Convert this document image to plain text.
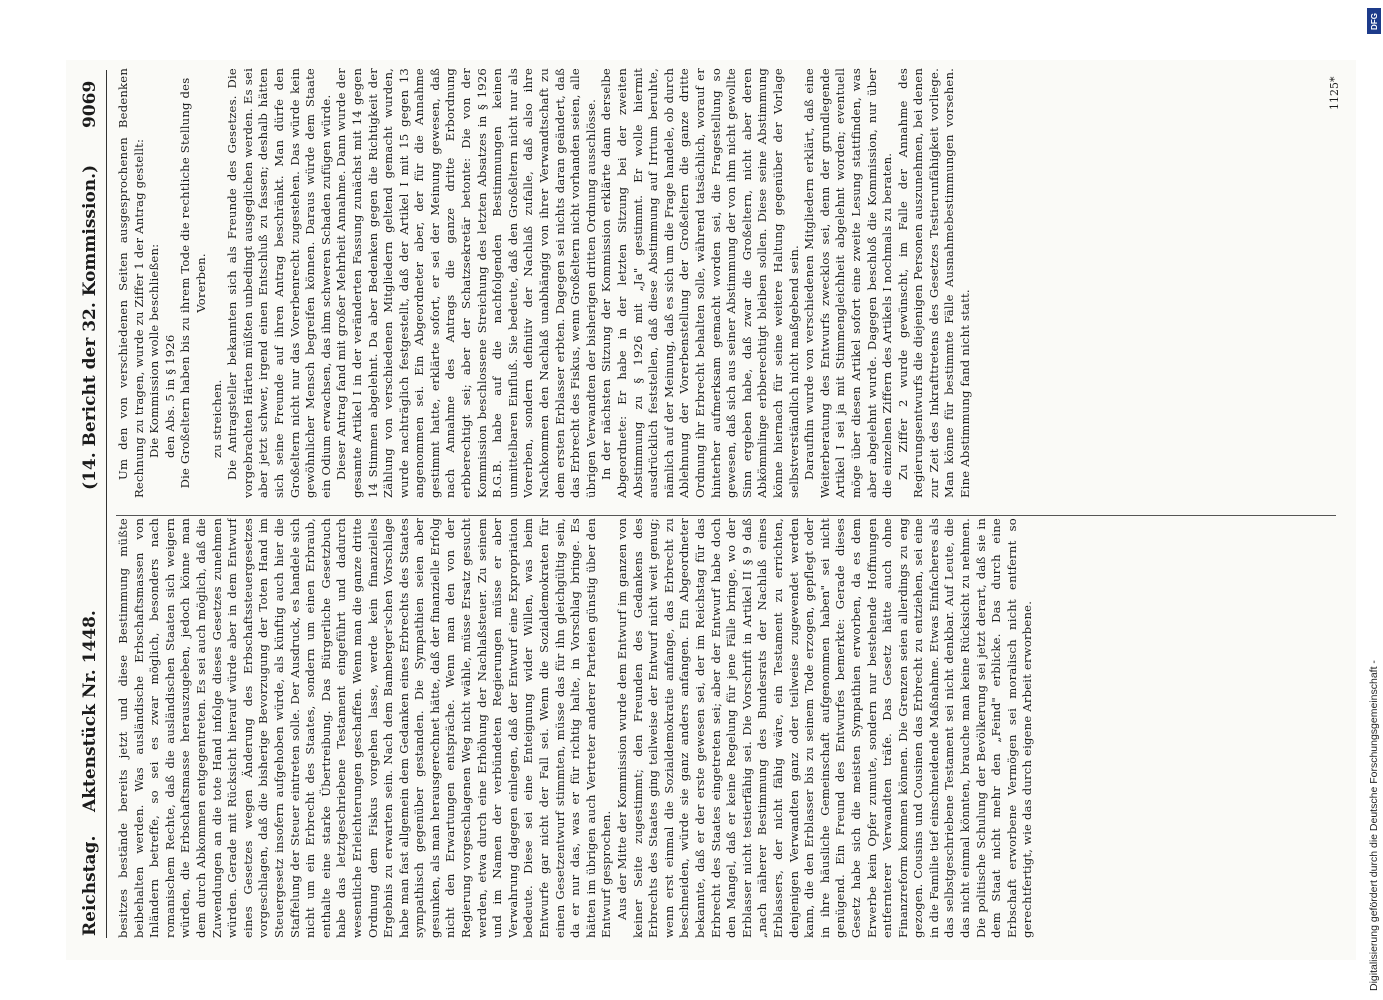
Reichstag.
Aktenstück Nr. 1448.
(14. Bericht der 32. Kommission.)
9069

besitzes bestände bereits jetzt und diese Bestimmung müßte beibehalten werden. Was ausländische Erbschaftsmassen von Inländern betreffe, so sei es zwar möglich, besonders nach romanischem Rechte, daß die ausländischen Staaten sich weigern würden, die Erbschaftsmasse herauszugeben, jedoch könne man dem durch Abkommen entgegentreten. Es sei auch möglich, daß die Zuwendungen an die tote Hand infolge dieses Gesetzes zunehmen würden. Gerade mit Rücksicht hierauf würde aber in dem Entwurf eines Gesetzes wegen Änderung des Erbschaftssteuergesetzes vorgeschlagen, daß die bisherige Bevorzugung der Toten Hand im Steuergesetz insofern aufgehoben würde, als künftig auch hier die Staffelung der Steuer eintreten solle. Der Ausdruck, es handele sich nicht um ein Erbrecht des Staates, sondern um einen Erbraub, enthalte eine starke Übertreibung. Das Bürgerliche Gesetzbuch habe das letztgeschriebene Testament eingeführt und dadurch wesentliche Erleichterungen geschaffen. Wenn man die ganze dritte Ordnung dem Fiskus vorgehen lasse, werde kein finanzielles Ergebnis zu erwarten sein. Nach dem Bamberger'schen Vorschlage habe man fast allgemein dem Gedanken eines Erbrechts des Staates sympathisch gegenüber gestanden. Die Sympathien seien aber gesunken, als man herausgerechnet hätte, daß der finanzielle Erfolg nicht den Erwartungen entspräche. Wenn man den von der Regierung vorgeschlagenen Weg nicht wähle, müsse Ersatz gesucht werden, etwa durch eine Erhöhung der Nachlaßsteuer. Zu seinem und im Namen der verbündeten Regierungen müsse er aber Verwahrung dagegen einlegen, daß der Entwurf eine Expropriation bedeute. Diese sei eine Enteignung wider Willen, was beim Entwurfe gar nicht der Fall sei. Wenn die Sozialdemokraten für einen Gesetzentwurf stimmten, müsse das für ihn gleichgültig sein, da er nur das, was er für richtig halte, in Vorschlag bringe. Es hätten im übrigen auch Vertreter anderer Parteien günstig über den Entwurf gesprochen. Aus der Mitte der Kommission wurde dem Entwurf im ganzen von keiner Seite zugestimmt; den Freunden des Gedankens des Erbrechts des Staates ging teilweise der Entwurf nicht weit genug; wenn erst einmal die Sozialdemokratie anfange, das Erbrecht zu beschneiden, würde sie ganz anders anfangen. Ein Abgeordneter bekannte, daß er der erste gewesen sei, der im Reichstag für das Erbrecht des Staates eingetreten sei; aber der Entwurf habe doch den Mangel, daß er keine Regelung für jene Fälle bringe, wo der Erblasser nicht testierfähig sei. Die Vorschrift in Artikel II § 9 daß „nach näherer Bestimmung des Bundesrats der Nachlaß eines Erblassers, der nicht fähig wäre, ein Testament zu errichten, denjenigen Verwandten ganz oder teilweise zugewendet werden kann, die den Erblasser bis zu seinem Tode erzogen, gepflegt oder in ihre häusliche Gemeinschaft aufgenommen haben" sei nicht genügend. Ein Freund des Entwurfes bemerkte: Gerade dieses Gesetz habe sich die meisten Sympathien erworben, da es dem Erwerbe kein Opfer zumute, sondern nur bestehende Hoffnungen entfernterer Verwandten träfe. Das Gesetz hätte auch ohne Finanzreform kommen können. Die Grenzen seien allerdings zu eng gezogen. Cousins und Cousinen das Erbrecht zu entziehen, sei eine in die Familie tief einschneidende Maßnahme. Etwas Einfacheres als das selbstgeschriebene Testament sei nicht denkbar. Auf Leute, die das nicht einmal könnten, brauche man keine Rücksicht zu nehmen. Die politische Schulung der Bevölkerung sei jetzt derart, daß sie in dem Staat nicht mehr den „Feind" erblicke. Das durch eine Erbschaft erworbene Vermögen sei moralisch nicht entfernt so gerechtfertigt, wie das durch eigene Arbeit erworbene.

Um den von verschiedenen Seiten ausgesprochenen Bedenken Rechnung zu tragen, wurde zu Ziffer 1 der Antrag gestellt: Die Kommission wolle beschließen: den Abs. 5 in § 1926 Die Großeltern haben bis zu ihrem Tode die rechtliche Stellung des Vorerben.

zu streichen. Die Antragsteller bekannten sich als Freunde des Gesetzes. Die vorgebrachten Härten müßten unbedingt ausgeglichen werden. Es sei aber jetzt schwer, irgend einen Entschluß zu fassen; deshalb hätten sich seine Freunde auf ihren Antrag beschränkt. Man dürfe den Großeltern nicht nur das Vorerbenrecht zugestehen. Das würde kein gewöhnlicher Mensch begreifen können. Daraus würde dem Staate ein Odium erwachsen, das ihm schweren Schaden zufügen würde. Dieser Antrag fand mit großer Mehrheit Annahme. Dann wurde der gesamte Artikel I in der veränderten Fassung zunächst mit 14 gegen 14 Stimmen abgelehnt. Da aber Bedenken gegen die Richtigkeit der Zählung von verschiedenen Mitgliedern geltend gemacht wurden, wurde nachträglich festgestellt, daß der Artikel I mit 15 gegen 13 angenommen sei. Ein Abgeordneter aber, der für die Annahme gestimmt hatte, erklärte sofort, er sei der Meinung gewesen, daß nach Annahme des Antrags die ganze dritte Erbordnung erbberechtigt sei; aber der Schatzsekretär betonte: Die von der Kommission beschlossene Streichung des letzten Absatzes in § 1926 B.G.B. habe auf die nachfolgenden Bestimmungen keinen unmittelbaren Einfluß. Sie bedeute, daß den Großeltern nicht nur als Vorerben, sondern definitiv der Nachlaß zufalle, daß also ihre Nachkommen den Nachlaß unabhängig von ihrer Verwandtschaft zu dem ersten Erblasser erbten. Dagegen sei nichts daran geändert, daß das Erbrecht des Fiskus, wenn Großeltern nicht vorhanden seien, alle übrigen Verwandten der bisherigen dritten Ordnung ausschlösse. In der nächsten Sitzung der Kommission erklärte dann derselbe Abgeordnete: Er habe in der letzten Sitzung bei der zweiten Abstimmung zu § 1926 mit „Ja" gestimmt. Er wolle hiermit ausdrücklich feststellen, daß diese Abstimmung auf Irrtum beruhte, nämlich auf der Meinung, daß es sich um die Frage handele, ob durch Ablehnung der Vorerbenstellung der Großeltern die ganze dritte Ordnung ihr Erbrecht behalten solle, während tatsächlich, worauf er hinterher aufmerksam gemacht worden sei, die Fragestellung so gewesen, daß sich aus seiner Abstimmung der von ihm nicht gewollte Sinn ergeben habe, daß zwar die Großeltern, nicht aber deren Abkömmlinge erbberechtigt bleiben sollen. Diese seine Abstimmung könne hiernach für seine weitere Haltung gegenüber der Vorlage selbstverständlich nicht maßgebend sein. Daraufhin wurde von verschiedenen Mitgliedern erklärt, daß eine Weiterberatung des Entwurfs zwecklos sei, denn der grundlegende Artikel I sei ja mit Stimmengleichheit abgelehnt worden; eventuell möge über diesen Artikel sofort eine zweite Lesung stattfinden, was aber abgelehnt wurde. Dagegen beschloß die Kommission, nur über die einzelnen Ziffern des Artikels I nochmals zu beraten. Zu Ziffer 2 wurde gewünscht, im Falle der Annahme des Regierungsentwurfs die diejenigen Personen auszunehmen, bei denen zur Zeit des Inkrafttretens des Gesetzes Testierunfähigkeit vorliege. Man könne für bestimmte Fälle Ausnahmebestimmungen vorsehen. Eine Abstimmung fand nicht statt.

1125*
DFG
Digitalisierung gefördert durch die Deutsche Forschungsgemeinschaft -
